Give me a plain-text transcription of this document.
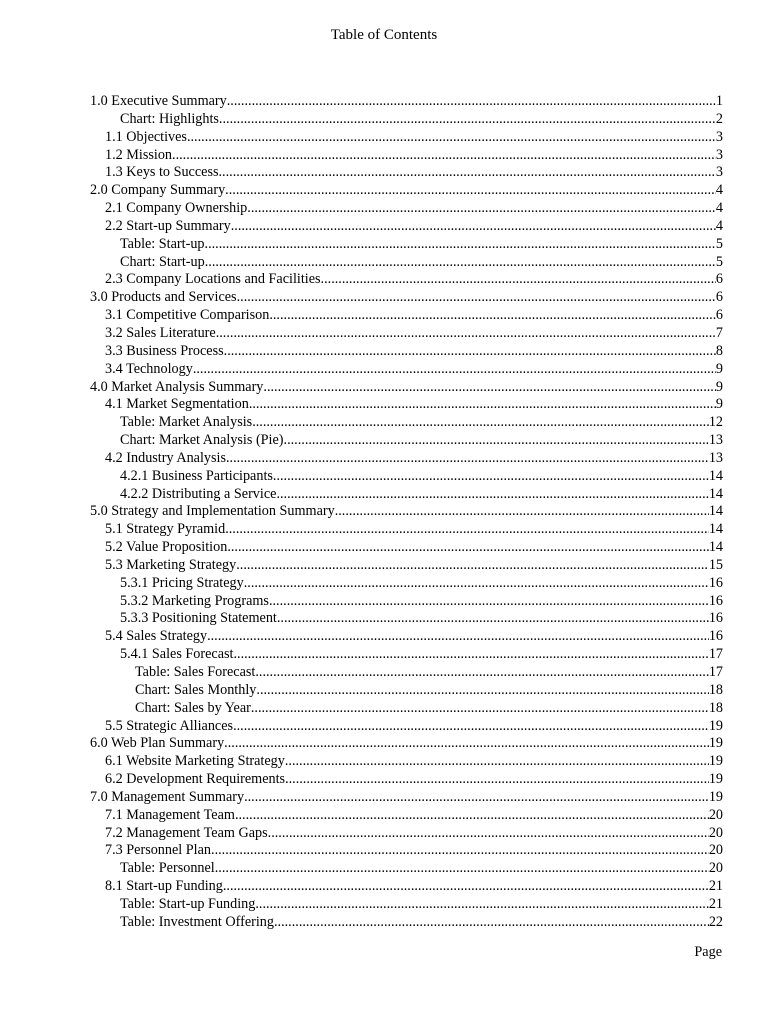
Table of Contents
1.0 Executive Summary .....	1
Chart: Highlights .....	2
1.1 Objectives .....	3
1.2 Mission .....	3
1.3 Keys to Success .....	3
2.0 Company Summary .....	4
2.1 Company Ownership .....	4
2.2 Start-up Summary .....	4
Table: Start-up .....	5
Chart: Start-up .....	5
2.3 Company Locations and Facilities .....	6
3.0 Products and Services .....	6
3.1 Competitive Comparison .....	6
3.2 Sales Literature .....	7
3.3 Business Process .....	8
3.4 Technology .....	9
4.0 Market Analysis Summary .....	9
4.1 Market Segmentation .....	9
Table: Market Analysis .....	12
Chart: Market Analysis (Pie) .....	13
4.2 Industry Analysis .....	13
4.2.1 Business Participants .....	14
4.2.2 Distributing a Service .....	14
5.0 Strategy and Implementation Summary .....	14
5.1 Strategy Pyramid .....	14
5.2 Value Proposition .....	14
5.3 Marketing Strategy .....	15
5.3.1 Pricing Strategy .....	16
5.3.2 Marketing Programs .....	16
5.3.3 Positioning Statement .....	16
5.4 Sales Strategy .....	16
5.4.1 Sales Forecast .....	17
Table: Sales Forecast .....	17
Chart: Sales Monthly .....	18
Chart: Sales by Year .....	18
5.5 Strategic Alliances .....	19
6.0 Web Plan Summary .....	19
6.1 Website Marketing Strategy .....	19
6.2 Development Requirements .....	19
7.0 Management Summary .....	19
7.1 Management Team .....	20
7.2 Management Team Gaps .....	20
7.3 Personnel Plan .....	20
Table: Personnel .....	20
8.1 Start-up Funding .....	21
Table: Start-up Funding .....	21
Table: Investment Offering .....	22
Page
